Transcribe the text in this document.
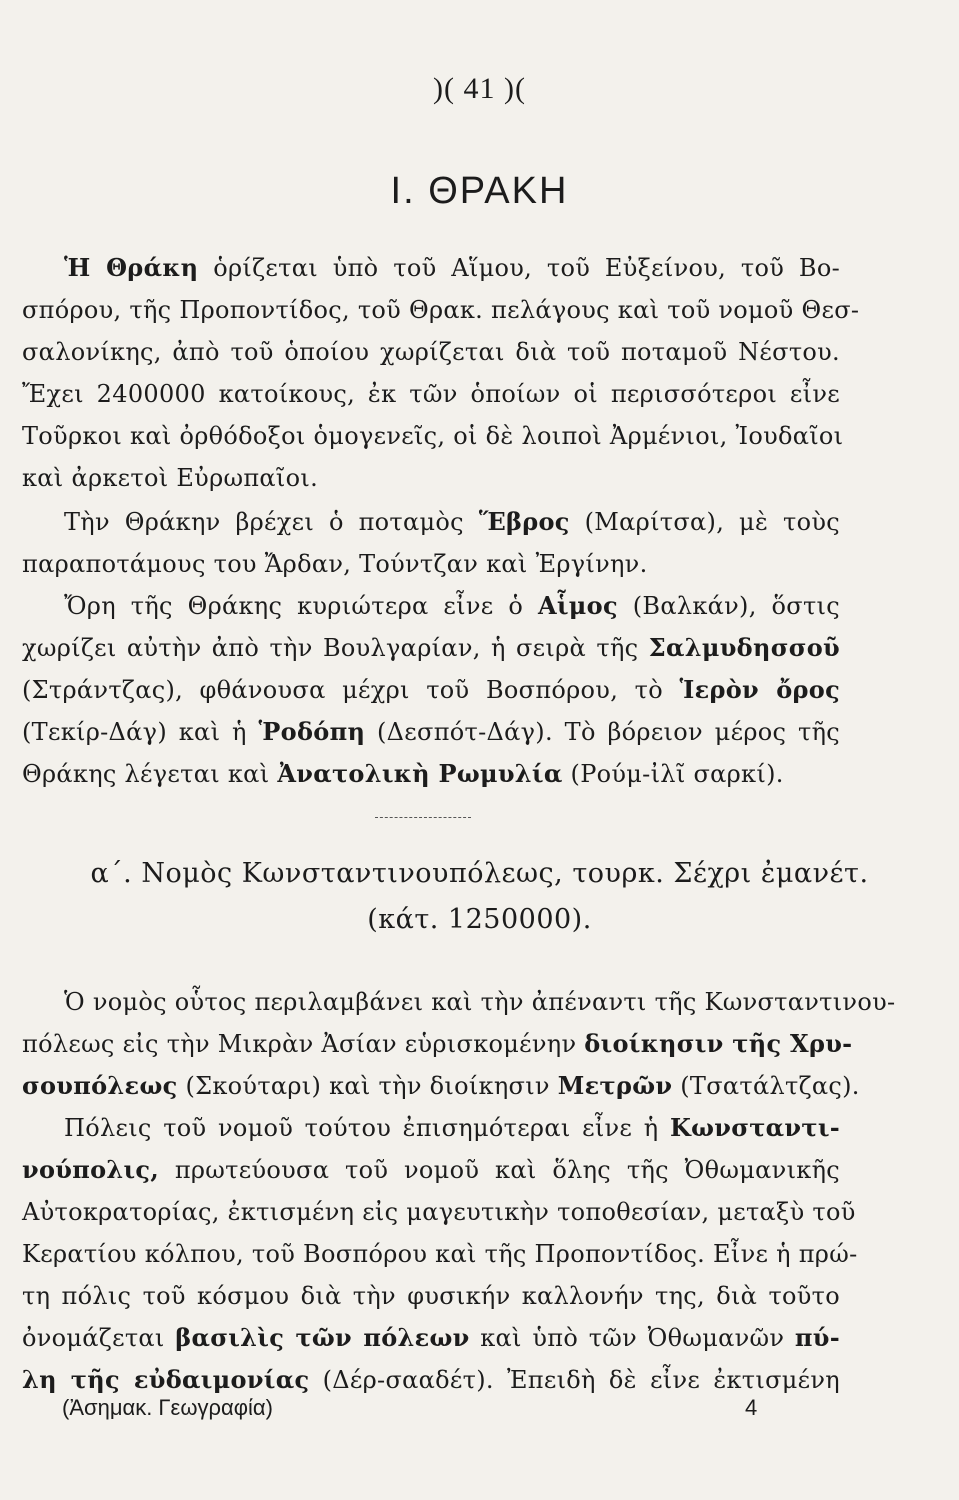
)( 41 )(
Ι. ΘΡΑΚΗ
Ἡ Θράκη ὁρίζεται ὑπὸ τοῦ Αἵμου, τοῦ Εὐξείνου, τοῦ Βο-
σπόρου, τῆς Προποντίδος, τοῦ Θρακ. πελάγους καὶ τοῦ νομοῦ Θεσ-
σαλονίκης, ἀπὸ τοῦ ὁποίου χωρίζεται διὰ τοῦ ποταμοῦ Νέστου.
Ἔχει 2400000 κατοίκους, ἐκ τῶν ὁποίων οἱ περισσότεροι εἶνε
Τοῦρκοι καὶ ὀρθόδοξοι ὁμογενεῖς, οἱ δὲ λοιποὶ Ἀρμένιοι, Ἰουδαῖοι
καὶ ἀρκετοὶ Εὐρωπαῖοι.
Τὴν Θράκην βρέχει ὁ ποταμὸς Ἕβρος (Μαρίτσα), μὲ τοὺς
παραποτάμους του Ἄρδαν, Τούντζαν καὶ Ἐργίνην.
Ὄρη τῆς Θράκης κυριώτερα εἶνε ὁ Αἷμος (Βαλκάν), ὅστις
χωρίζει αὐτὴν ἀπὸ τὴν Βουλγαρίαν, ἡ σειρὰ τῆς Σαλμυδησσοῦ
(Στράντζας), φθάνουσα μέχρι τοῦ Βοσπόρου, τὸ Ἱερὸν ὄρος
(Τεκίρ-Δάγ) καὶ ἡ Ῥοδόπη (Δεσπότ-Δάγ). Τὸ βόρειον μέρος τῆς
Θράκης λέγεται καὶ Ἀνατολικὴ Ρωμυλία (Ρούμ-ἰλῖ σαρκί).
α΄. Νομὸς Κωνσταντινουπόλεως, τουρκ. Σέχρι ἐμανέτ.
(κάτ. 1250000).
Ὁ νομὸς οὗτος περιλαμβάνει καὶ τὴν ἀπέναντι τῆς Κωνσταντινου-
πόλεως εἰς τὴν Μικρὰν Ἀσίαν εὑρισκομένην διοίκησιν τῆς Χρυ-
σουπόλεως (Σκούταρι) καὶ τὴν διοίκησιν Μετρῶν (Τσατάλτζας).
Πόλεις τοῦ νομοῦ τούτου ἐπισημότεραι εἶνε ἡ Κωνσταντι-
νούπολις, πρωτεύουσα τοῦ νομοῦ καὶ ὅλης τῆς Ὀθωμανικῆς
Αὐτοκρατορίας, ἐκτισμένη εἰς μαγευτικὴν τοποθεσίαν, μεταξὺ τοῦ
Κερατίου κόλπου, τοῦ Βοσπόρου καὶ τῆς Προποντίδος. Εἶνε ἡ πρώ-
τη πόλις τοῦ κόσμου διὰ τὴν φυσικήν καλλονήν της, διὰ τοῦτο
ὀνομάζεται βασιλὶς τῶν πόλεων καὶ ὑπὸ τῶν Ὀθωμανῶν πύ-
λη τῆς εὐδαιμονίας (Δέρ-σααδέτ). Ἐπειδὴ δὲ εἶνε ἐκτισμένη
(Ἀσημακ. Γεωγραφία)	4
